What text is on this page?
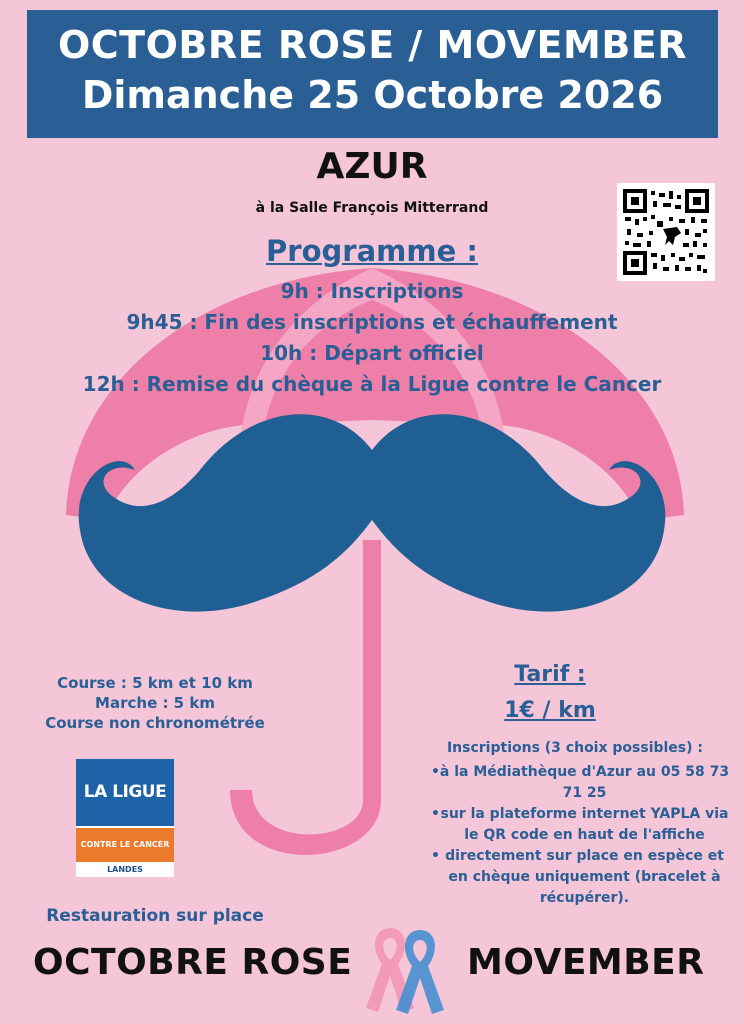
OCTOBRE ROSE / MOVEMBER
Dimanche 25 Octobre 2026
AZUR
à la Salle François Mitterrand
Programme :
9h : Inscriptions
9h45 : Fin des inscriptions et échauffement
10h : Départ officiel
12h : Remise du chèque à la Ligue contre le Cancer
Course : 5 km et 10 km
Marche : 5 km
Course non chronométrée
Tarif :
1€ / km
Inscriptions (3 choix possibles) :
• à la Médiathèque d'Azur au 05 58 73 71 25
• sur la plateforme internet YAPLA via le QR code en haut de l'affiche
• directement sur place en espèce et en chèque uniquement (bracelet à récupérer).
LA LIGUE
CONTRE LE CANCER
LANDES
Restauration sur place
OCTOBRE ROSE	MOVEMBER
